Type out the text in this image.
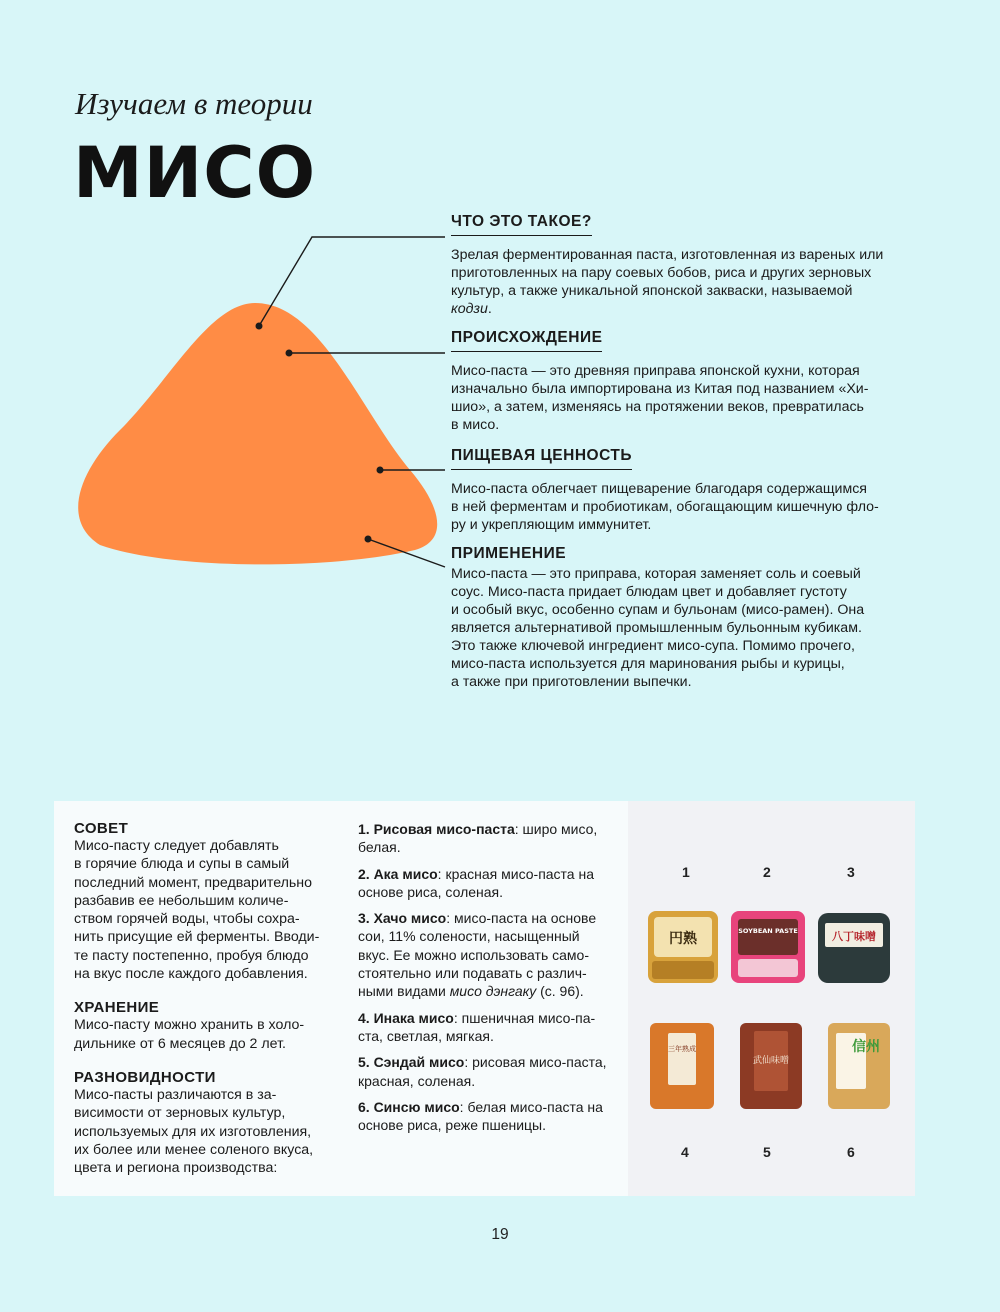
Изучаем в теории
МИСО
ЧТО ЭТО ТАКОЕ?

Зрелая ферментированная паста, изготовленная из вареных или
приготовленных на пару соевых бобов, риса и других зерновых
культур, а также уникальной японской закваски, называемой
кодзи.

ПРОИСХОЖДЕНИЕ

Мисо-паста — это древняя приправа японской кухни, которая
изначально была импортирована из Китая под названием «Хи-
шио», а затем, изменяясь на протяжении веков, превратилась
в мисо.

ПИЩЕВАЯ ЦЕННОСТЬ

Мисо-паста облегчает пищеварение благодаря содержащимся
в ней ферментам и пробиотикам, обогащающим кишечную фло-
ру и укрепляющим иммунитет.

ПРИМЕНЕНИЕ

Мисо-паста — это приправа, которая заменяет соль и соевый
соус. Мисо-паста придает блюдам цвет и добавляет густоту
и особый вкус, особенно супам и бульонам (мисо-рамен). Она
является альтернативой промышленным бульонным кубикам.
Это также ключевой ингредиент мисо-супа. Помимо прочего,
мисо-паста используется для маринования рыбы и курицы,
а также при приготовлении выпечки.

СОВЕТ

Мисо-пасту следует добавлять
в горячие блюда и супы в самый
последний момент, предварительно
разбавив ее небольшим количе-
ством горячей воды, чтобы сохра-
нить присущие ей ферменты. Вводи-
те пасту постепенно, пробуя блюдо
на вкус после каждого добавления.

ХРАНЕНИЕ

Мисо-пасту можно хранить в холо-
дильнике от 6 месяцев до 2 лет.

РАЗНОВИДНОСТИ

Мисо-пасты различаются в за-
висимости от зерновых культур,
используемых для их изготовления,
их более или менее соленого вкуса,
цвета и региона производства:

1. Рисовая мисо-паста: широ мисо,
белая.

2. Ака мисо: красная мисо-паста на
основе риса, соленая.

3. Хачо мисо: мисо-паста на основе
сои, 11% солености, насыщенный
вкус. Ее можно использовать само-
стоятельно или подавать с различ-
ными видами мисо дэнгаку (с. 96).

4. Инака мисо: пшеничная мисо-па-
ста, светлая, мягкая.

5. Сэндай мисо: рисовая мисо-паста,
красная, соленая.

6. Синсю мисо: белая мисо-паста на
основе риса, реже пшеницы.

円熟	SOYBEAN PASTE	八丁味噌
三年熟成
武仙味噌
信州
1	2	3
4	5	6
19
